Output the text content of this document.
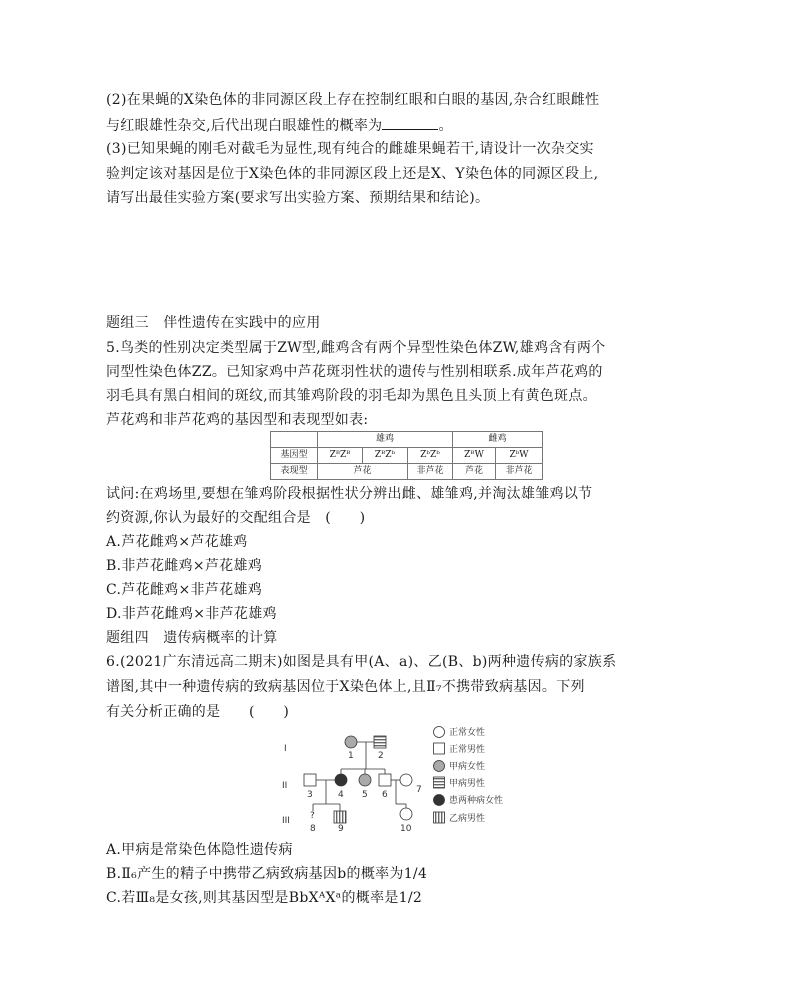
(2)在果蝇的X染色体的非同源区段上存在控制红眼和白眼的基因,杂合红眼雌性
与红眼雄性杂交,后代出现白眼雄性的概率为	。
(3)已知果蝇的刚毛对截毛为显性,现有纯合的雌雄果蝇若干,请设计一次杂交实
验判定该对基因是位于X染色体的非同源区段上还是X、Y染色体的同源区段上,
请写出最佳实验方案(要求写出实验方案、预期结果和结论)。
题组三　伴性遗传在实践中的应用
5.鸟类的性别决定类型属于ZW型,雌鸡含有两个异型性染色体ZW,雄鸡含有两个
同型性染色体ZZ。已知家鸡中芦花斑羽性状的遗传与性别相联系.成年芦花鸡的
羽毛具有黑白相间的斑纹,而其雏鸡阶段的羽毛却为黑色且头顶上有黄色斑点。
芦花鸡和非芦花鸡的基因型和表现型如表:
	雄鸡			雌鸡	
基因型	ZᴮZᴮ	ZᴮZᵇ	ZᵇZᵇ	ZᴮW	ZᵇW
表现型	芦花		非芦花	芦花	非芦花
试问:在鸡场里,要想在雏鸡阶段根据性状分辨出雌、雄雏鸡,并淘汰雄雏鸡以节
约资源,你认为最好的交配组合是　(　　)
A.芦花雌鸡×芦花雄鸡
B.非芦花雌鸡×芦花雄鸡
C.芦花雌鸡×非芦花雄鸡
D.非芦花雌鸡×非芦花雄鸡
题组四　遗传病概率的计算
6.(2021广东清远高二期末)如图是具有甲(A、a)、乙(B、b)两种遗传病的家族系
谱图,其中一种遗传病的致病基因位于X染色体上,且Ⅱ₇不携带致病基因。下列
有关分析正确的是　　(　　)
I
II
III
1	2
3	4 5 6	7
?
8 9	10
正常女性
正常男性
甲病女性
甲病男性
患两种病女性
乙病男性
A.甲病是常染色体隐性遗传病
B.Ⅱ₆产生的精子中携带乙病致病基因b的概率为1/4
C.若Ⅲ₈是女孩,则其基因型是BbXᴬXᵃ的概率是1/2
